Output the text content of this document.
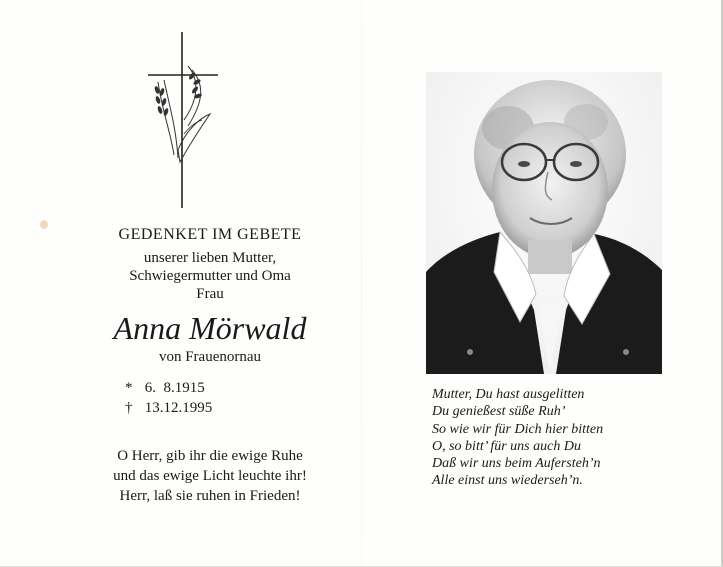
GEDENKET IM GEBETE
unserer lieben Mutter,
Schwiegermutter und Oma
Frau
Anna Mörwald
von Frauenornau
* 6.  8.1915
† 13.12.1995
O Herr, gib ihr die ewige Ruhe
und das ewige Licht leuchte ihr!
Herr, laß sie ruhen in Frieden!
Mutter, Du hast ausgelitten
Du genießest süße Ruh’
So wie wir für Dich hier bitten
O, so bitt’ für uns auch Du
Daß wir uns beim Aufersteh’n
Alle einst uns wiederseh’n.
